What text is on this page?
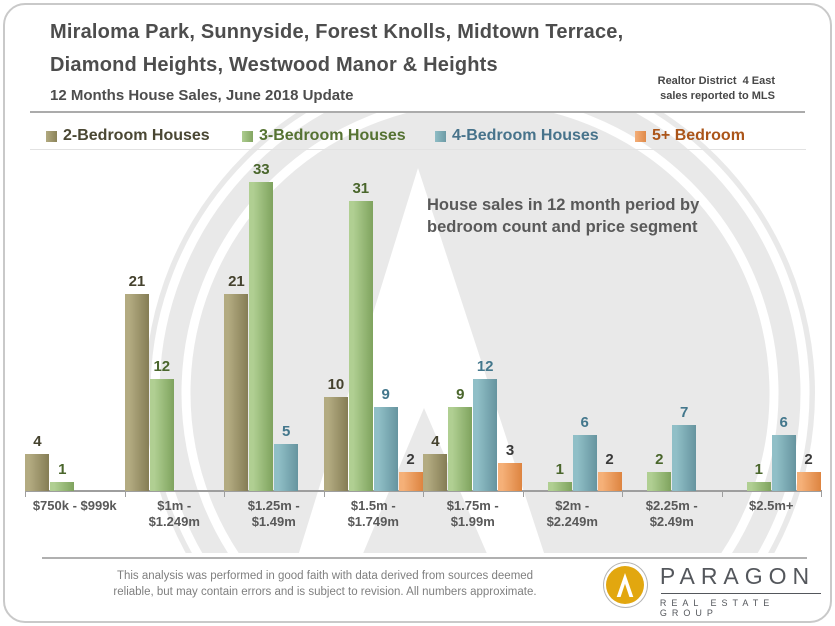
Miraloma Park, Sunnyside, Forest Knolls, Midtown Terrace,
Diamond Heights, Westwood Manor & Heights
12 Months House Sales, June 2018 Update
Realtor District  4 East
sales reported to MLS
2-Bedroom Houses	3-Bedroom Houses	4-Bedroom Houses	5+ Bedroom
House sales in 12 month period by
bedroom count and price segment
4
1
$750k - $999k
21
12
$1m -
$1.249m
21
33
5
$1.25m -
$1.49m
10
31
9
2
$1.5m -
$1.749m
4
9
12
3
$1.75m -
$1.99m
1
6
2
$2m -
$2.249m
2
7
$2.25m -
$2.49m
1
6
2
$2.5m+
This analysis was performed in good faith with data derived from sources deemed
reliable, but may contain errors and is subject to revision. All numbers approximate.
PARAGON
REAL ESTATE GROUP
